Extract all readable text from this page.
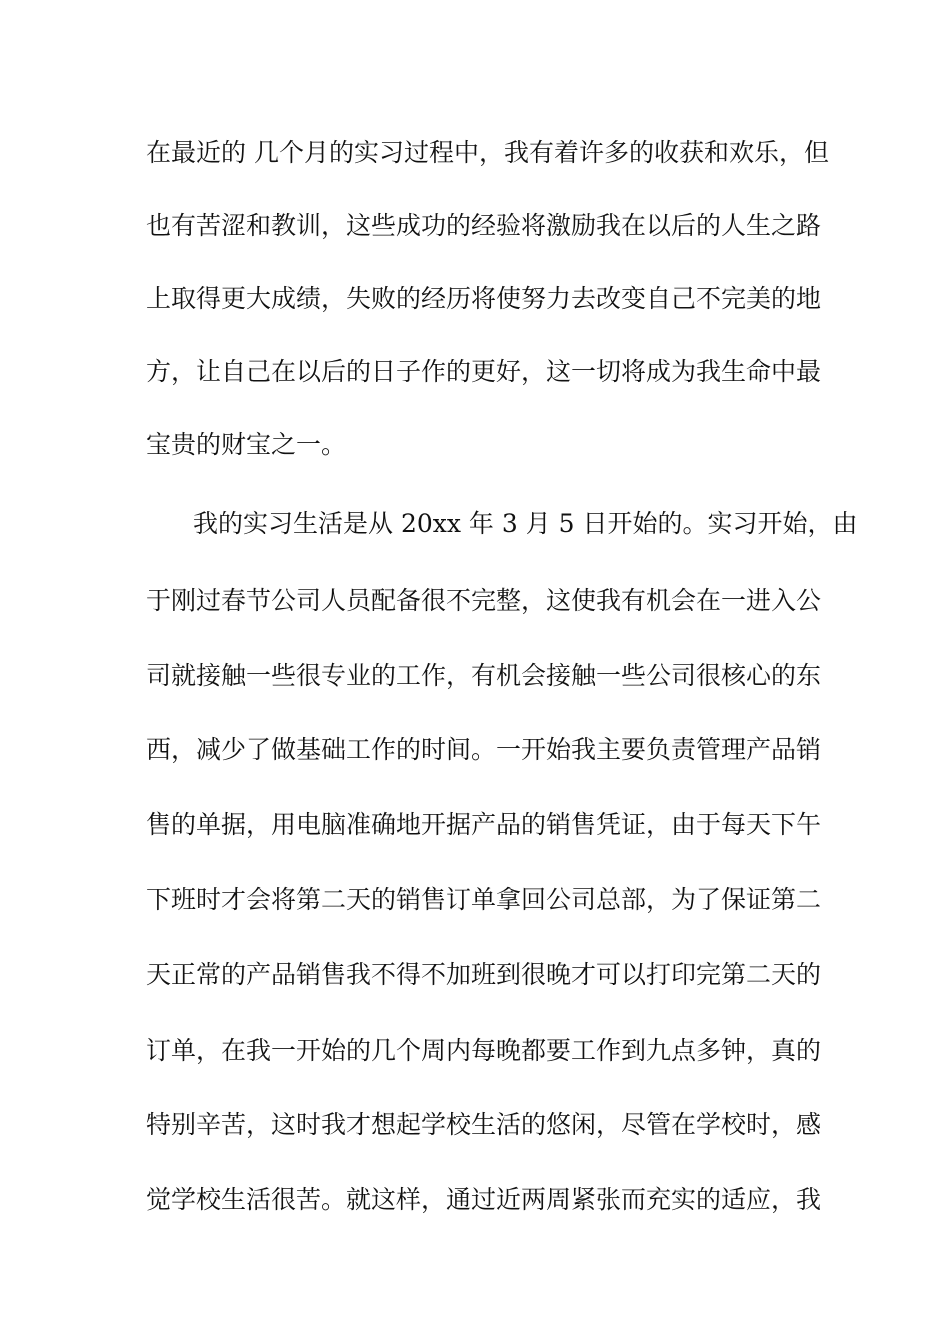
在最近的 几个月的实习过程中，我有着许多的收获和欢乐，但
也有苦涩和教训，这些成功的经验将激励我在以后的人生之路
上取得更大成绩，失败的经历将使努力去改变自己不完美的地
方，让自己在以后的日子作的更好，这一切将成为我生命中最
宝贵的财宝之一。
我的实习生活是从 20xx 年 3 月 5 日开始的。实习开始，由
于刚过春节公司人员配备很不完整，这使我有机会在一进入公
司就接触一些很专业的工作，有机会接触一些公司很核心的东
西，减少了做基础工作的时间。一开始我主要负责管理产品销
售的单据，用电脑准确地开据产品的销售凭证，由于每天下午
下班时才会将第二天的销售订单拿回公司总部，为了保证第二
天正常的产品销售我不得不加班到很晚才可以打印完第二天的
订单，在我一开始的几个周内每晚都要工作到九点多钟，真的
特别辛苦，这时我才想起学校生活的悠闲，尽管在学校时，感
觉学校生活很苦。就这样，通过近两周紧张而充实的适应，我
